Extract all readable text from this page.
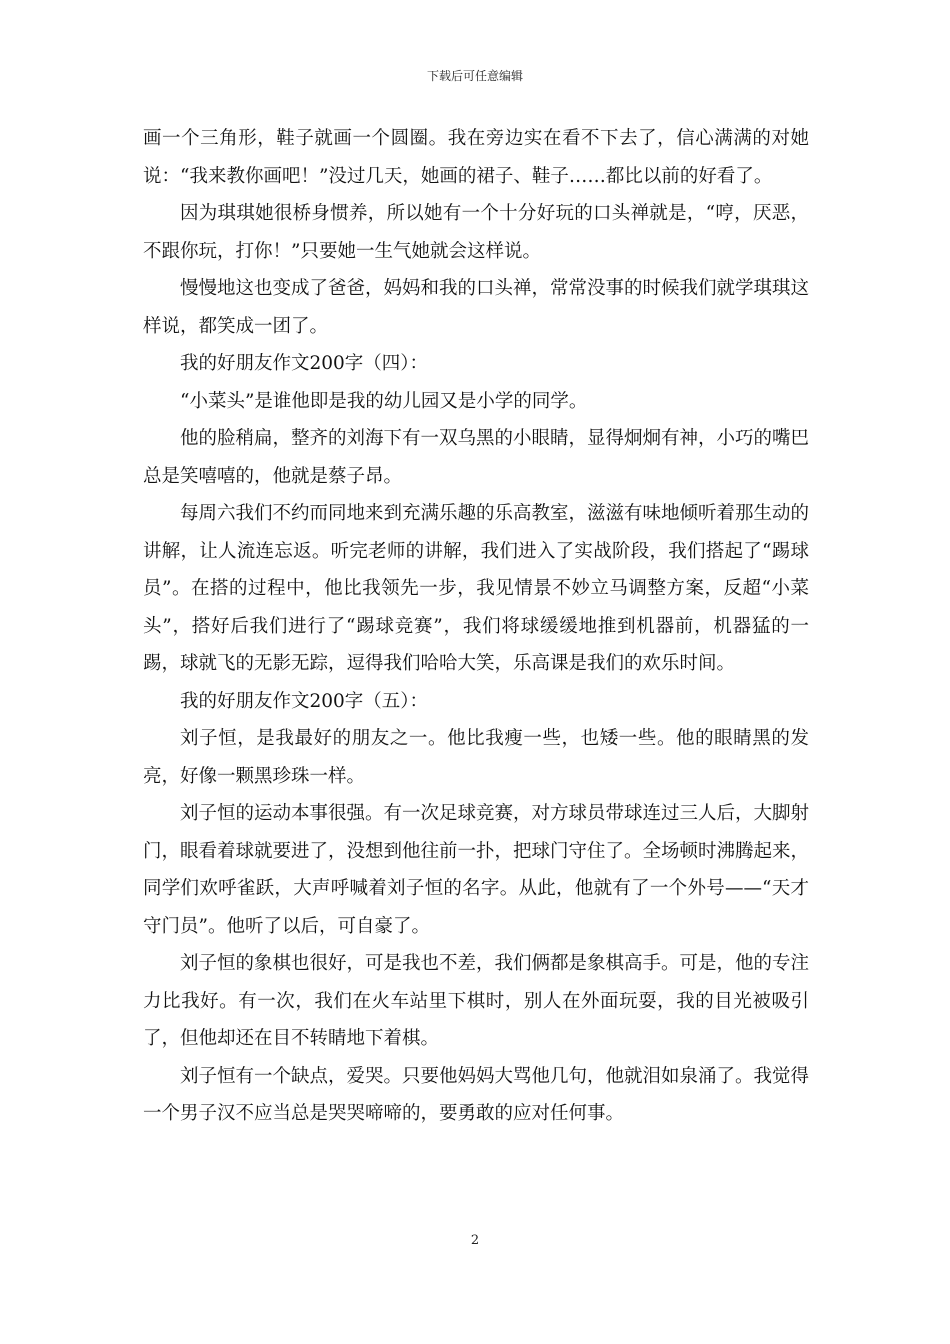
下载后可任意编辑

画一个三角形，鞋子就画一个圆圈。我在旁边实在看不下去了，信心满满的对她说：“我来教你画吧！”没过几天，她画的裙子、鞋子……都比以前的好看了。

因为琪琪她很桥身惯养，所以她有一个十分好玩的口头禅就是，“哼，厌恶，不跟你玩，打你！”只要她一生气她就会这样说。

慢慢地这也变成了爸爸，妈妈和我的口头禅，常常没事的时候我们就学琪琪这样说，都笑成一团了。

我的好朋友作文200字（四）：

“小菜头”是谁他即是我的幼儿园又是小学的同学。

他的脸稍扁，整齐的刘海下有一双乌黑的小眼睛，显得炯炯有神，小巧的嘴巴总是笑嘻嘻的，他就是蔡子昂。

每周六我们不约而同地来到充满乐趣的乐高教室，滋滋有味地倾听着那生动的讲解，让人流连忘返。听完老师的讲解，我们进入了实战阶段，我们搭起了“踢球员”。在搭的过程中，他比我领先一步，我见情景不妙立马调整方案，反超“小菜头”，搭好后我们进行了“踢球竞赛”，我们将球缓缓地推到机器前，机器猛的一踢，球就飞的无影无踪，逗得我们哈哈大笑，乐高课是我们的欢乐时间。

我的好朋友作文200字（五）：

刘子恒，是我最好的朋友之一。他比我瘦一些，也矮一些。他的眼睛黑的发亮，好像一颗黑珍珠一样。

刘子恒的运动本事很强。有一次足球竞赛，对方球员带球连过三人后，大脚射门，眼看着球就要进了，没想到他往前一扑，把球门守住了。全场顿时沸腾起来，同学们欢呼雀跃，大声呼喊着刘子恒的名字。从此，他就有了一个外号——“天才守门员”。他听了以后，可自豪了。

刘子恒的象棋也很好，可是我也不差，我们俩都是象棋高手。可是，他的专注力比我好。有一次，我们在火车站里下棋时，别人在外面玩耍，我的目光被吸引了，但他却还在目不转睛地下着棋。

刘子恒有一个缺点，爱哭。只要他妈妈大骂他几句，他就泪如泉涌了。我觉得一个男子汉不应当总是哭哭啼啼的，要勇敢的应对任何事。

2
